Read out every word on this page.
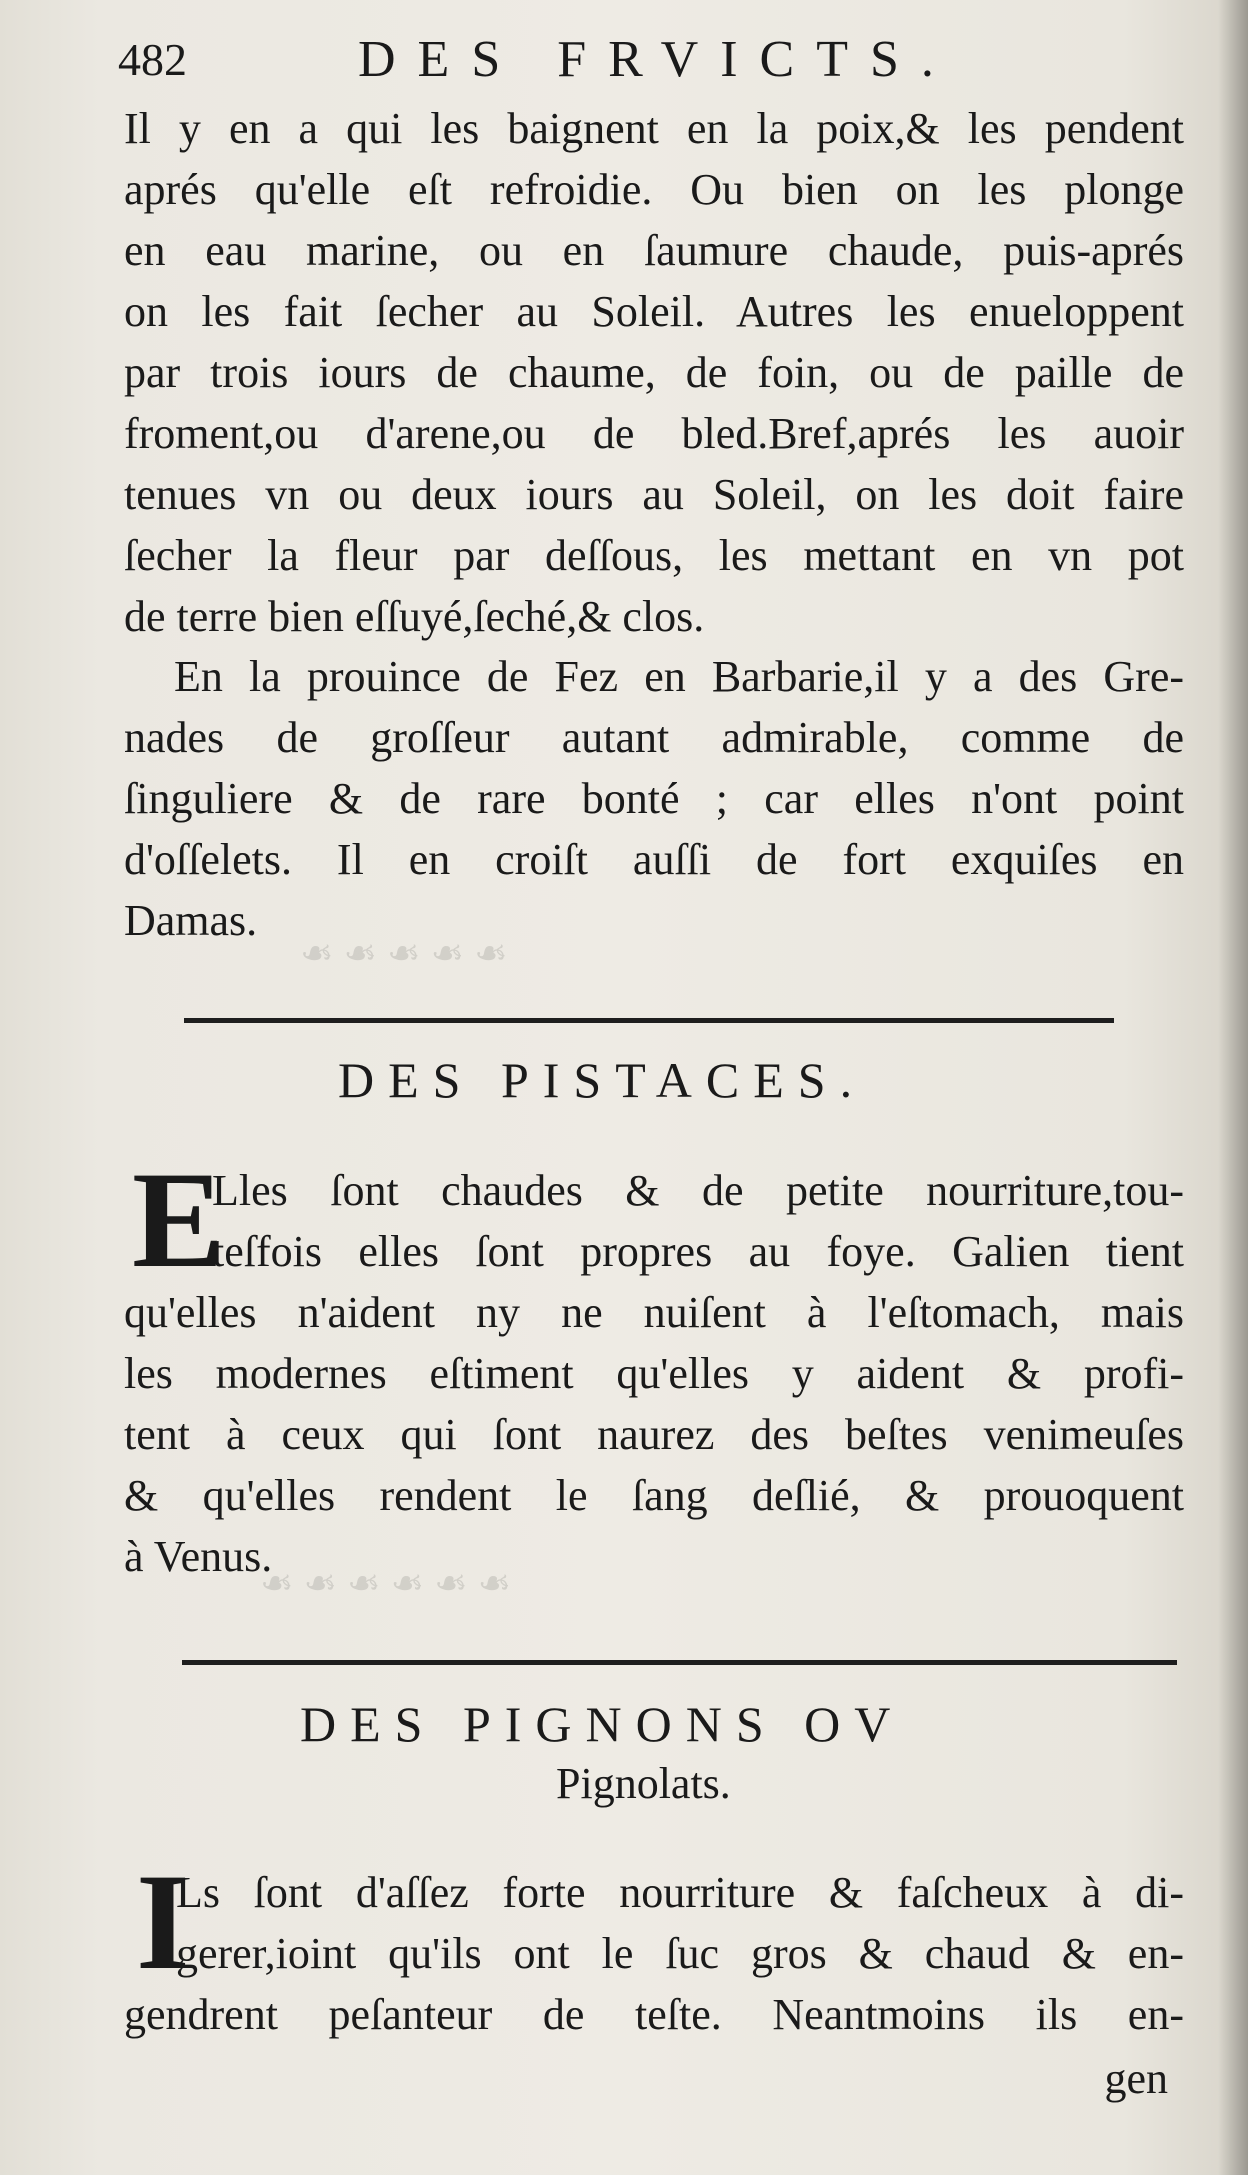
❧ ❧ ❧ ❧ ❧
❧ ❧ ❧ ❧ ❧ ❧
482	DES FRVICTS.
Il y en a qui les baignent en la poix,& les pendent
aprés qu'elle eſt refroidie. Ou bien on les plonge
en eau marine, ou en ſaumure chaude, puis-aprés
on les fait ſecher au Soleil. Autres les enueloppent
par trois iours de chaume, de foin, ou de paille de
froment,ou d'arene,ou de bled.Bref,aprés les auoir
tenues vn ou deux iours au Soleil, on les doit faire
ſecher la fleur par deſſous, les mettant en vn pot
de terre bien eſſuyé,ſeché,& clos.
En la prouince de Fez en Barbarie,il y a des Gre-
nades de groſſeur autant admirable, comme de
ſinguliere & de rare bonté ; car elles n'ont point
d'oſſelets. Il en croiſt auſſi de fort exquiſes en
Damas.
DES PISTACES.
E
Lles ſont chaudes & de petite nourriture,tou-
teſfois elles ſont propres au foye. Galien tient
qu'elles n'aident ny ne nuiſent à l'eſtomach, mais
les modernes eſtiment qu'elles y aident & profi-
tent à ceux qui ſont naurez des beſtes venimeuſes
& qu'elles rendent le ſang deſlié, & prouoquent
à Venus.
DES PIGNONS OV
Pignolats.
I
Ls ſont d'aſſez forte nourriture & faſcheux à di-
gerer,ioint qu'ils ont le ſuc gros & chaud & en-
gendrent peſanteur de teſte. Neantmoins ils en-
gen
